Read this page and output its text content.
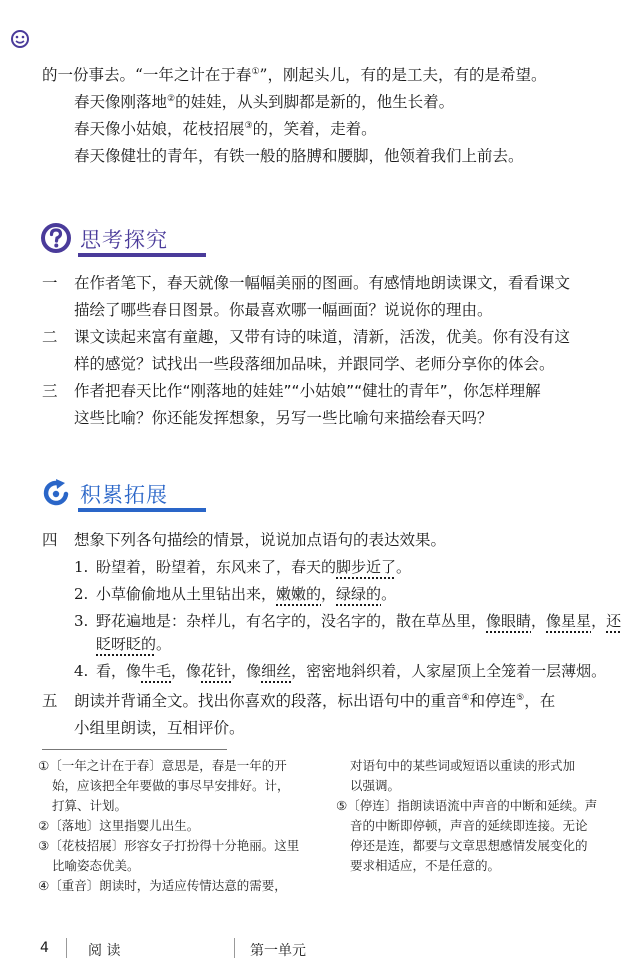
的一份事去。“一年之计在于春①”，刚起头儿，有的是工夫，有的是希望。
春天像刚落地②的娃娃，从头到脚都是新的，他生长着。
春天像小姑娘，花枝招展③的，笑着，走着。
春天像健壮的青年，有铁一般的胳膊和腰脚，他领着我们上前去。
思考探究
一	在作者笔下，春天就像一幅幅美丽的图画。有感情地朗读课文，看看课文
描绘了哪些春日图景。你最喜欢哪一幅画面？说说你的理由。
二	课文读起来富有童趣，又带有诗的味道，清新，活泼，优美。你有没有这
样的感觉？试找出一些段落细加品味，并跟同学、老师分享你的体会。
三	作者把春天比作“刚落地的娃娃”“小姑娘”“健壮的青年”，你怎样理解
这些比喻？你还能发挥想象，另写一些比喻句来描绘春天吗？
积累拓展
四	想象下列各句描绘的情景，说说加点语句的表达效果。
1. 盼望着，盼望着，东风来了，春天的脚步近了。
2. 小草偷偷地从土里钻出来，嫩嫩的，绿绿的。
3. 野花遍地是：杂样儿，有名字的，没名字的，散在草丛里，像眼睛，像星星，还
眨呀眨的。
4. 看，像牛毛，像花针，像细丝，密密地斜织着，人家屋顶上全笼着一层薄烟。
五	朗读并背诵全文。找出你喜欢的段落，标出语句中的重音④和停连⑤，在
小组里朗读，互相评价。
①〔一年之计在于春〕意思是，春是一年的开
始，应该把全年要做的事尽早安排好。计，
打算、计划。
②〔落地〕这里指婴儿出生。
③〔花枝招展〕形容女子打扮得十分艳丽。这里
比喻姿态优美。
④〔重音〕朗读时，为适应传情达意的需要，
对语句中的某些词或短语以重读的形式加
以强调。
⑤〔停连〕指朗读语流中声音的中断和延续。声
音的中断即停顿，声音的延续即连接。无论
停还是连，都要与文章思想感情发展变化的
要求相适应，不是任意的。
4	阅 读	第一单元
